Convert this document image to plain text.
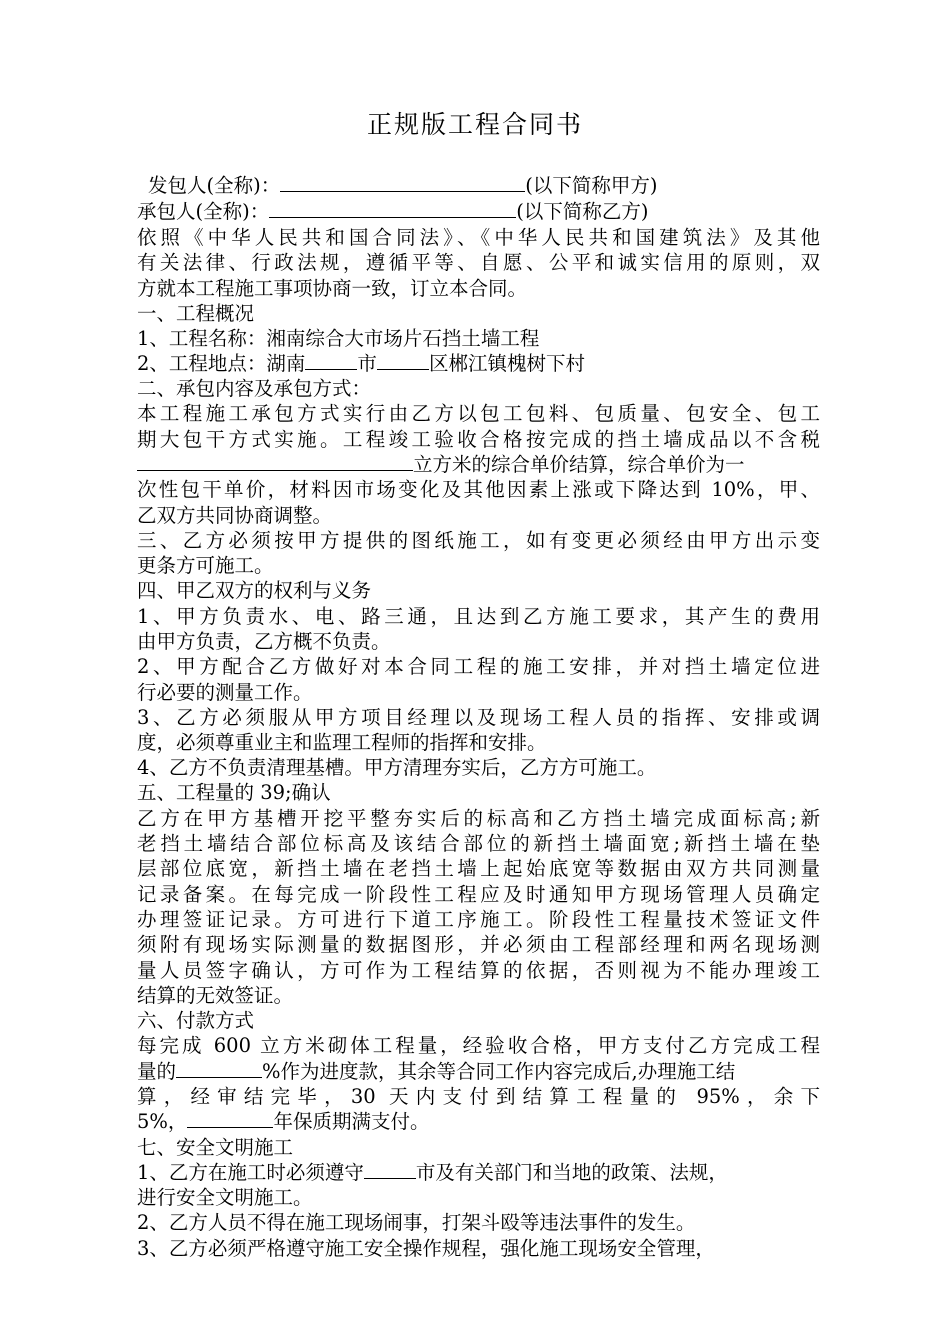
正规版工程合同书
发包人(全称)：	(以下简称甲方)
承包人(全称)：	(以下简称乙方)
依照《中华人民共和国合同法》、《中华人民共和国建筑法》及其他
有关法律、行政法规，遵循平等、自愿、公平和诚实信用的原则，双
方就本工程施工事项协商一致，订立本合同。
一、工程概况
1、工程名称：湘南综合大市场片石挡土墙工程
2、工程地点：湖南	市	区郴江镇槐树下村
二、承包内容及承包方式：
本工程施工承包方式实行由乙方以包工包料、包质量、包安全、包工
期大包干方式实施。工程竣工验收合格按完成的挡土墙成品以不含税
立方米的综合单价结算，综合单价为一
次性包干单价，材料因市场变化及其他因素上涨或下降达到 10%，甲、
乙双方共同协商调整。
三、乙方必须按甲方提供的图纸施工，如有变更必须经由甲方出示变
更条方可施工。
四、甲乙双方的权利与义务
1、甲方负责水、电、路三通，且达到乙方施工要求，其产生的费用
由甲方负责，乙方概不负责。
2、甲方配合乙方做好对本合同工程的施工安排，并对挡土墙定位进
行必要的测量工作。
3、乙方必须服从甲方项目经理以及现场工程人员的指挥、安排或调
度，必须尊重业主和监理工程师的指挥和安排。
4、乙方不负责清理基槽。甲方清理夯实后，乙方方可施工。
五、工程量的 39;确认
乙方在甲方基槽开挖平整夯实后的标高和乙方挡土墙完成面标高;新
老挡土墙结合部位标高及该结合部位的新挡土墙面宽;新挡土墙在垫
层部位底宽，新挡土墙在老挡土墙上起始底宽等数据由双方共同测量
记录备案。在每完成一阶段性工程应及时通知甲方现场管理人员确定
办理签证记录。方可进行下道工序施工。阶段性工程量技术签证文件
须附有现场实际测量的数据图形，并必须由工程部经理和两名现场测
量人员签字确认，方可作为工程结算的依据，否则视为不能办理竣工
结算的无效签证。
六、付款方式
每完成 600 立方米砌体工程量，经验收合格，甲方支付乙方完成工程
量的	%作为进度款，其余等合同工作内容完成后,办理施工结
算，经审结完毕，30 天内支付到结算工程量的 95%，余下
5%，	年保质期满支付。
七、安全文明施工
1、乙方在施工时必须遵守	市及有关部门和当地的政策、法规，
进行安全文明施工。
2、乙方人员不得在施工现场闹事，打架斗殴等违法事件的发生。
3、乙方必须严格遵守施工安全操作规程，强化施工现场安全管理，
